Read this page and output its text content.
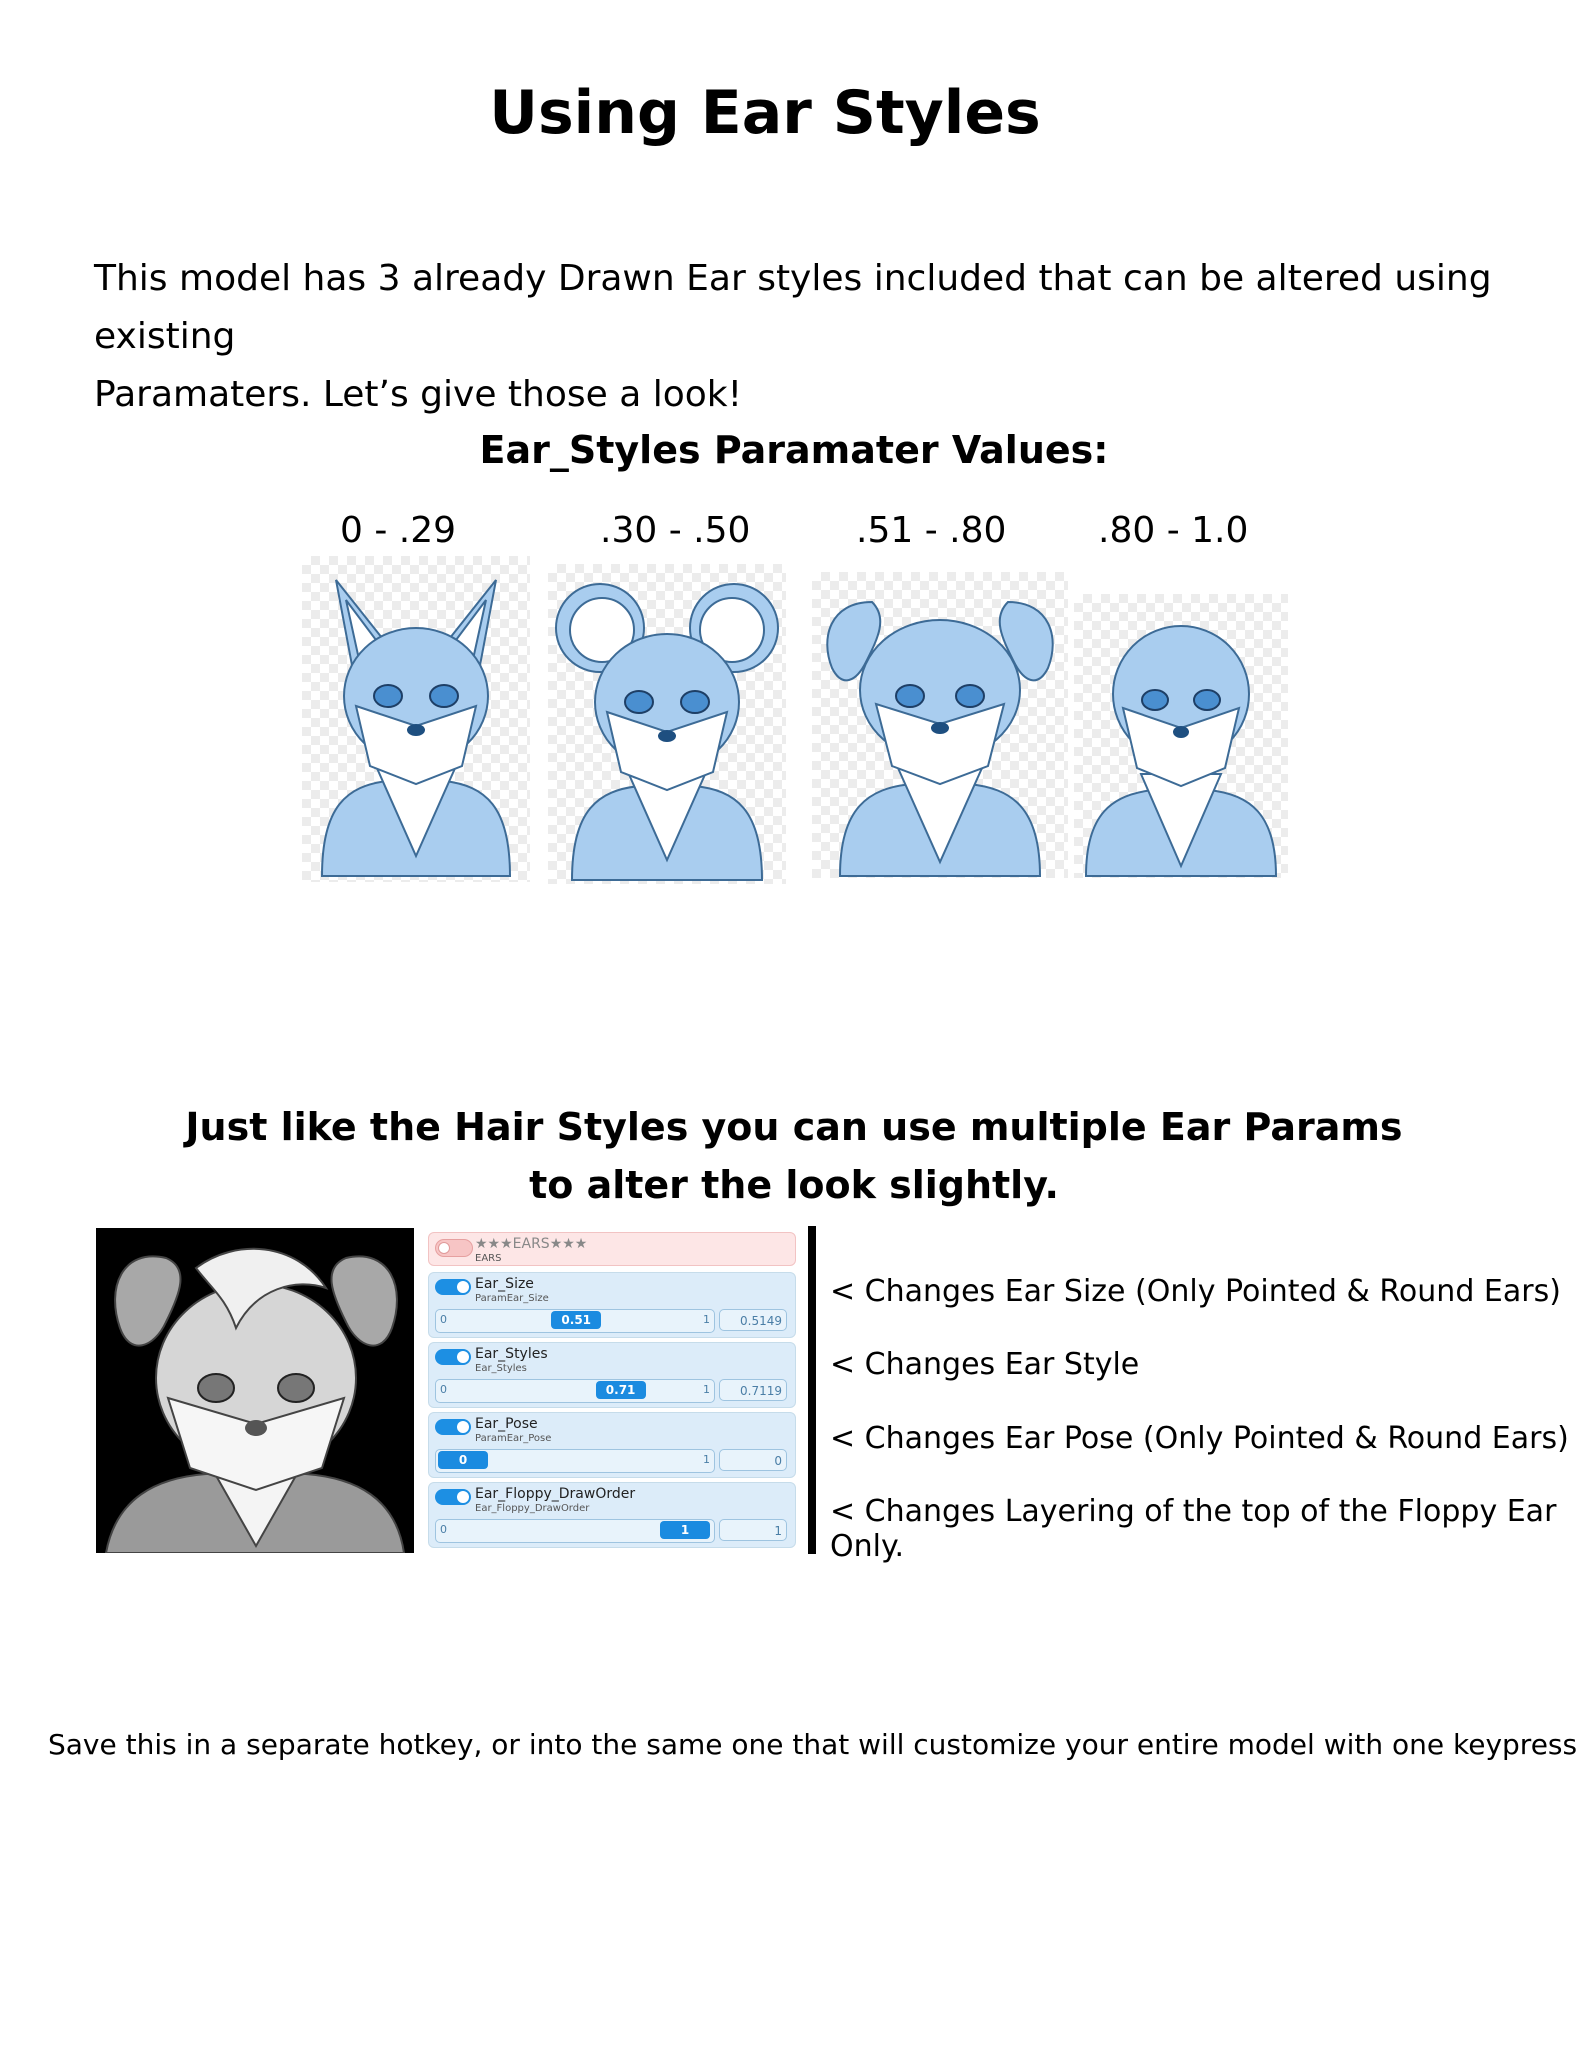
Using Ear Styles
This model has 3 already Drawn Ear styles included that can be altered using existing
Paramaters. Let’s give those a look!
Ear_Styles Paramater Values:
0 - .29	.30 - .50	.51 - .80	.80 - 1.0
Just like the Hair Styles you can use multiple Ear Params
to alter the look slightly.
★★★EARS★★★
EARS
Ear_Size
ParamEar_Size
0	0.51	1	0.5149
Ear_Styles
Ear_Styles
0	0.71	1	0.7119
Ear_Pose
ParamEar_Pose
0	1	0
Ear_Floppy_DrawOrder
Ear_Floppy_DrawOrder
0	1	1
< Changes Ear Size (Only Pointed & Round Ears)
< Changes Ear Style
< Changes Ear Pose (Only Pointed & Round Ears)
< Changes Layering of the top of the Floppy Ear Only.
Save this in a separate hotkey, or into the same one that will customize your entire model with one keypress
